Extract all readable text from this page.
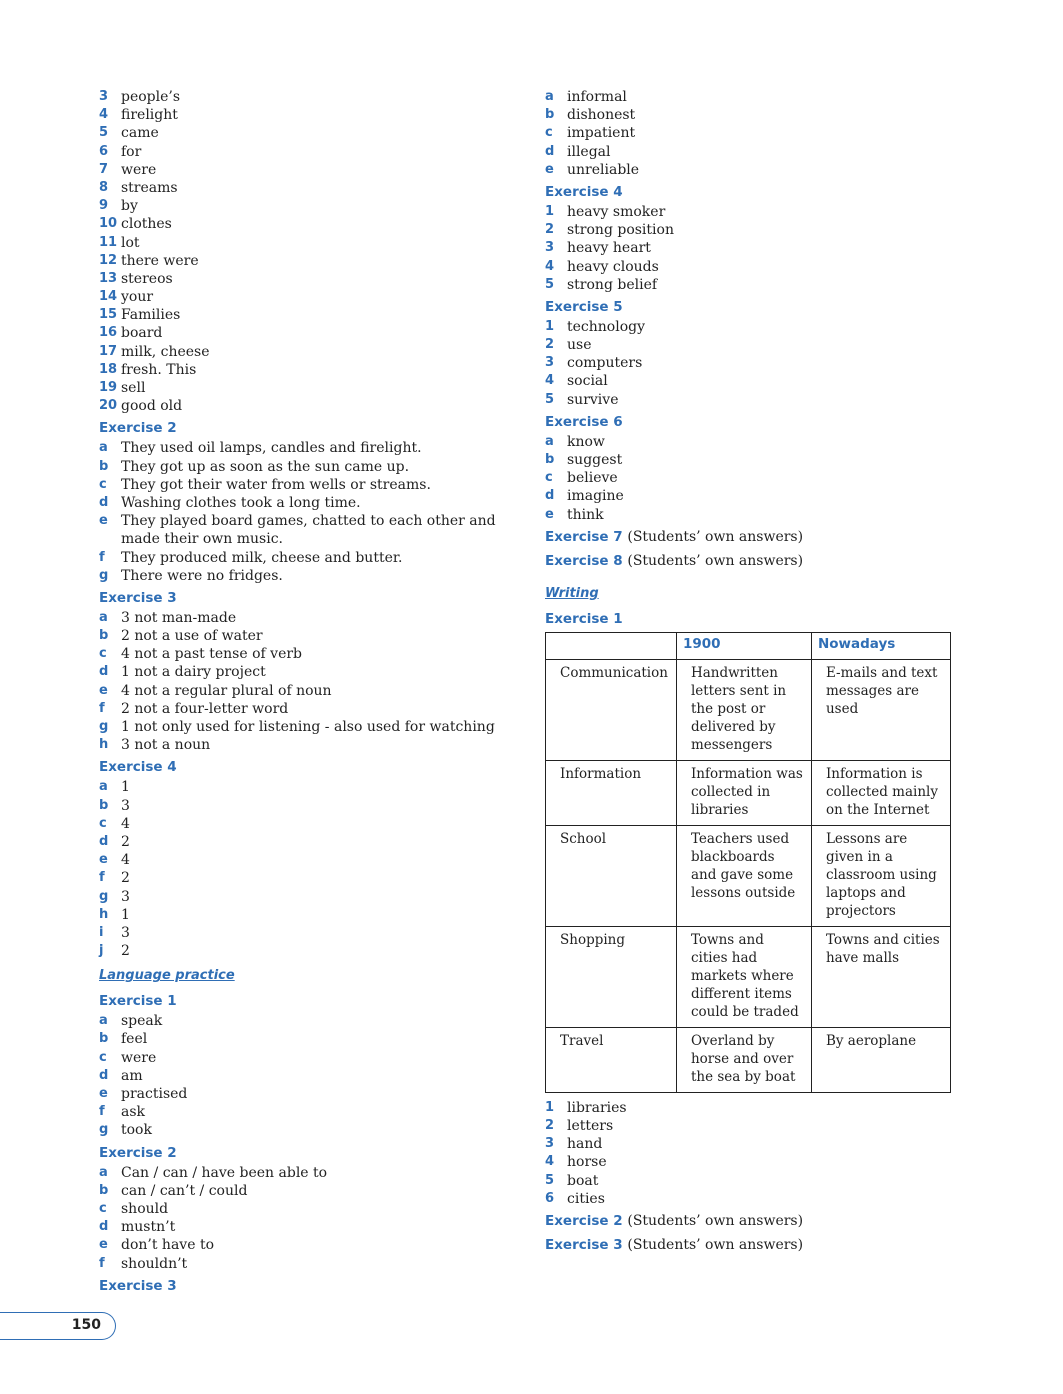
3 people’s
4 firelight
5 came
6 for
7 were
8 streams
9 by
10 clothes
11 lot
12 there were
13 stereos
14 your
15 Families
16 board
17 milk, cheese
18 fresh. This
19 sell
20 good old
Exercise 2
a They used oil lamps, candles and firelight.
b They got up as soon as the sun came up.
c	They got their water from wells or streams.
d Washing clothes took a long time.
e They played board games, chatted to each other and made their own music.
f	They produced milk, cheese and butter.
g There were no fridges.
Exercise 3
a 3 not man-made
b 2 not a use of water
c	4 not a past tense of verb
d 1 not a dairy project
e 4 not a regular plural of noun
f	2 not a four-letter word
g 1 not only used for listening - also used for watching
h 3 not a noun
Exercise 4
a 1
b 3
c	4
d 2
e 4
f	2
g 3
h 1
i	3
j	2
Language practice
Exercise 1
a speak
b feel
c	were
d am
e practised
f	ask
g took
Exercise 2
a Can / can / have been able to
b can / can’t / could
c	should
d mustn’t
e don’t have to
f	shouldn’t
Exercise 3
a informal
b dishonest
c	impatient
d illegal
e unreliable
Exercise 4
1 heavy smoker
2 strong position
3 heavy heart
4 heavy clouds
5 strong belief
Exercise 5
1 technology
2 use
3 computers
4 social
5 survive
Exercise 6
a know
b suggest
c	believe
d imagine
e think
Exercise 7 (Students’ own answers)
Exercise 8 (Students’ own answers)
Writing
Exercise 1
	1900	Nowadays
Communication	Handwritten letters sent in the post or delivered by messengers	E-mails and text messages are used
Information	Information was collected in libraries	Information is collected mainly on the Internet
School	Teachers used blackboards and gave some lessons outside	Lessons are given in a classroom using laptops and projectors
Shopping	Towns and cities had markets where different items could be traded	Towns and cities have malls
Travel	Overland by horse and over the sea by boat	By aeroplane
1 libraries
2 letters
3 hand
4 horse
5 boat
6 cities
Exercise 2 (Students’ own answers)
Exercise 3 (Students’ own answers)
150
